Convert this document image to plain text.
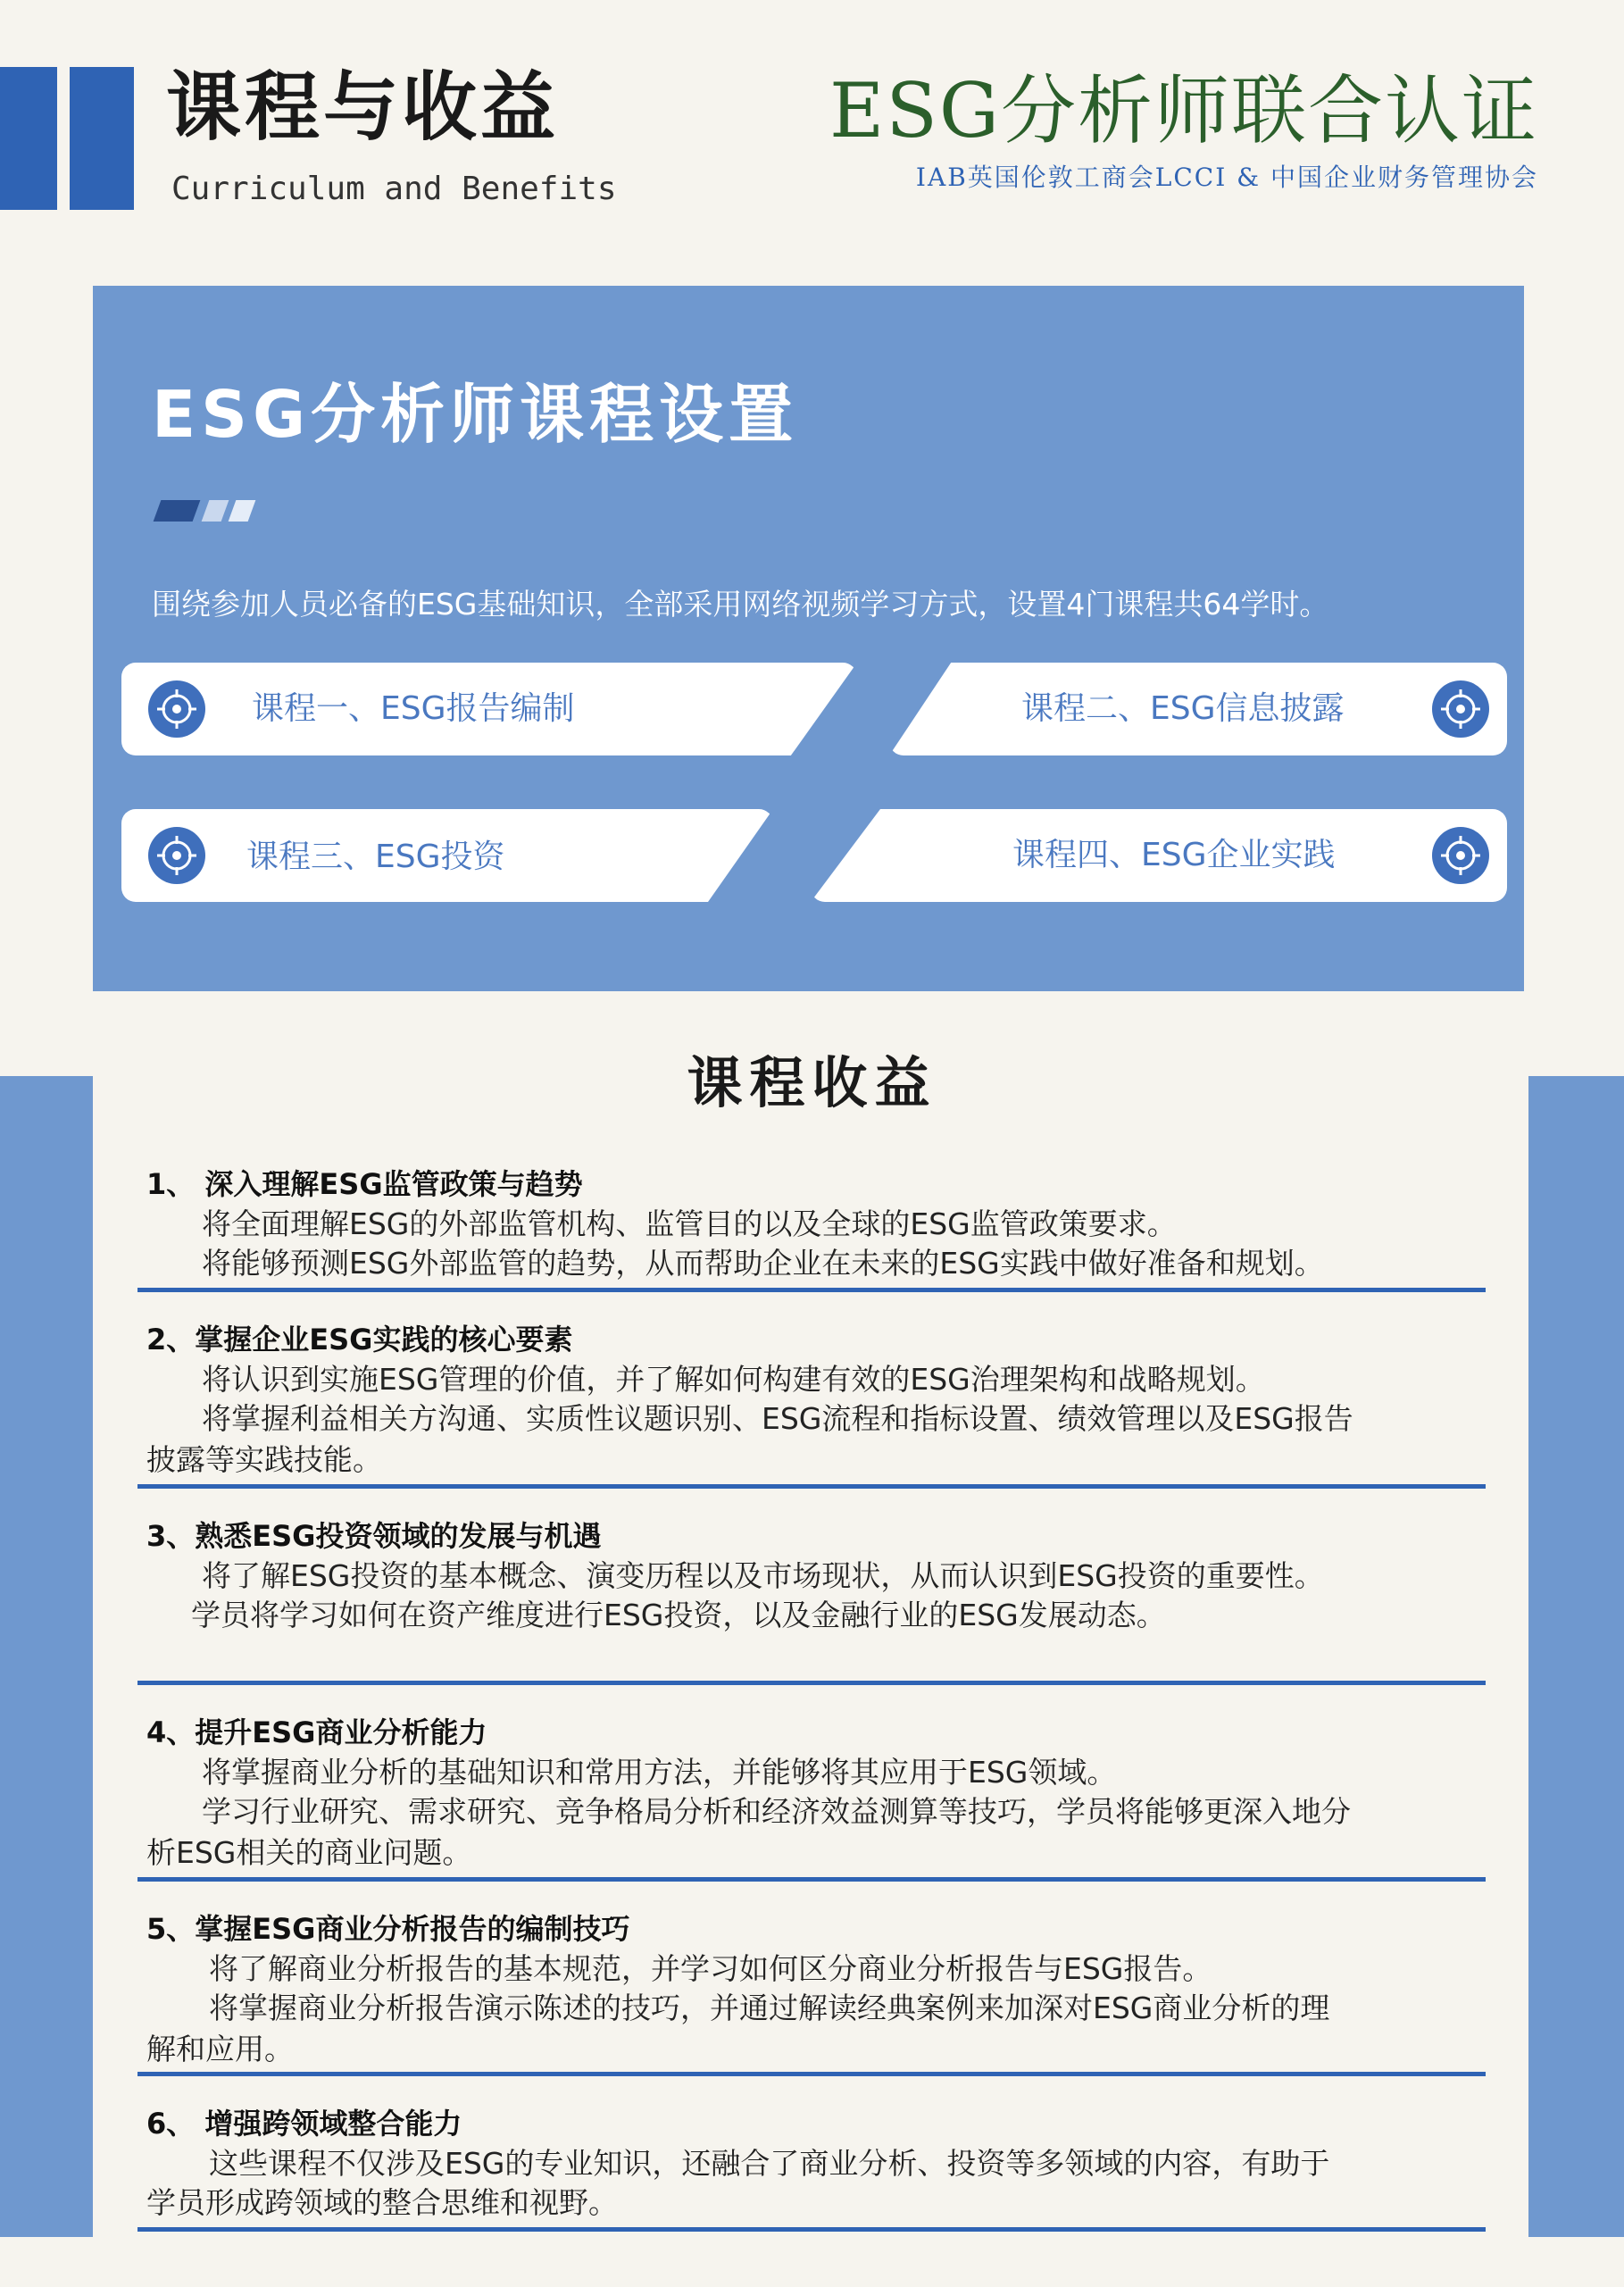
课程与收益
Curriculum and Benefits
ESG分析师联合认证
IAB英国伦敦工商会LCCI & 中国企业财务管理协会
ESG分析师课程设置
围绕参加人员必备的ESG基础知识，全部采用网络视频学习方式，设置4门课程共64学时。
课程一、ESG报告编制	课程二、ESG信息披露
课程三、ESG投资	课程四、ESG企业实践
课程收益
1、 深入理解ESG监管政策与趋势
将全面理解ESG的外部监管机构、监管目的以及全球的ESG监管政策要求。
将能够预测ESG外部监管的趋势，从而帮助企业在未来的ESG实践中做好准备和规划。
2、掌握企业ESG实践的核心要素
将认识到实施ESG管理的价值，并了解如何构建有效的ESG治理架构和战略规划。
将掌握利益相关方沟通、实质性议题识别、ESG流程和指标设置、绩效管理以及ESG报告
披露等实践技能。
3、熟悉ESG投资领域的发展与机遇
将了解ESG投资的基本概念、演变历程以及市场现状，从而认识到ESG投资的重要性。
学员将学习如何在资产维度进行ESG投资，以及金融行业的ESG发展动态。
4、提升ESG商业分析能力
将掌握商业分析的基础知识和常用方法，并能够将其应用于ESG领域。
学习行业研究、需求研究、竞争格局分析和经济效益测算等技巧，学员将能够更深入地分
析ESG相关的商业问题。
5、掌握ESG商业分析报告的编制技巧
将了解商业分析报告的基本规范，并学习如何区分商业分析报告与ESG报告。
将掌握商业分析报告演示陈述的技巧，并通过解读经典案例来加深对ESG商业分析的理
解和应用。
6、 增强跨领域整合能力
这些课程不仅涉及ESG的专业知识，还融合了商业分析、投资等多领域的内容，有助于
学员形成跨领域的整合思维和视野。
